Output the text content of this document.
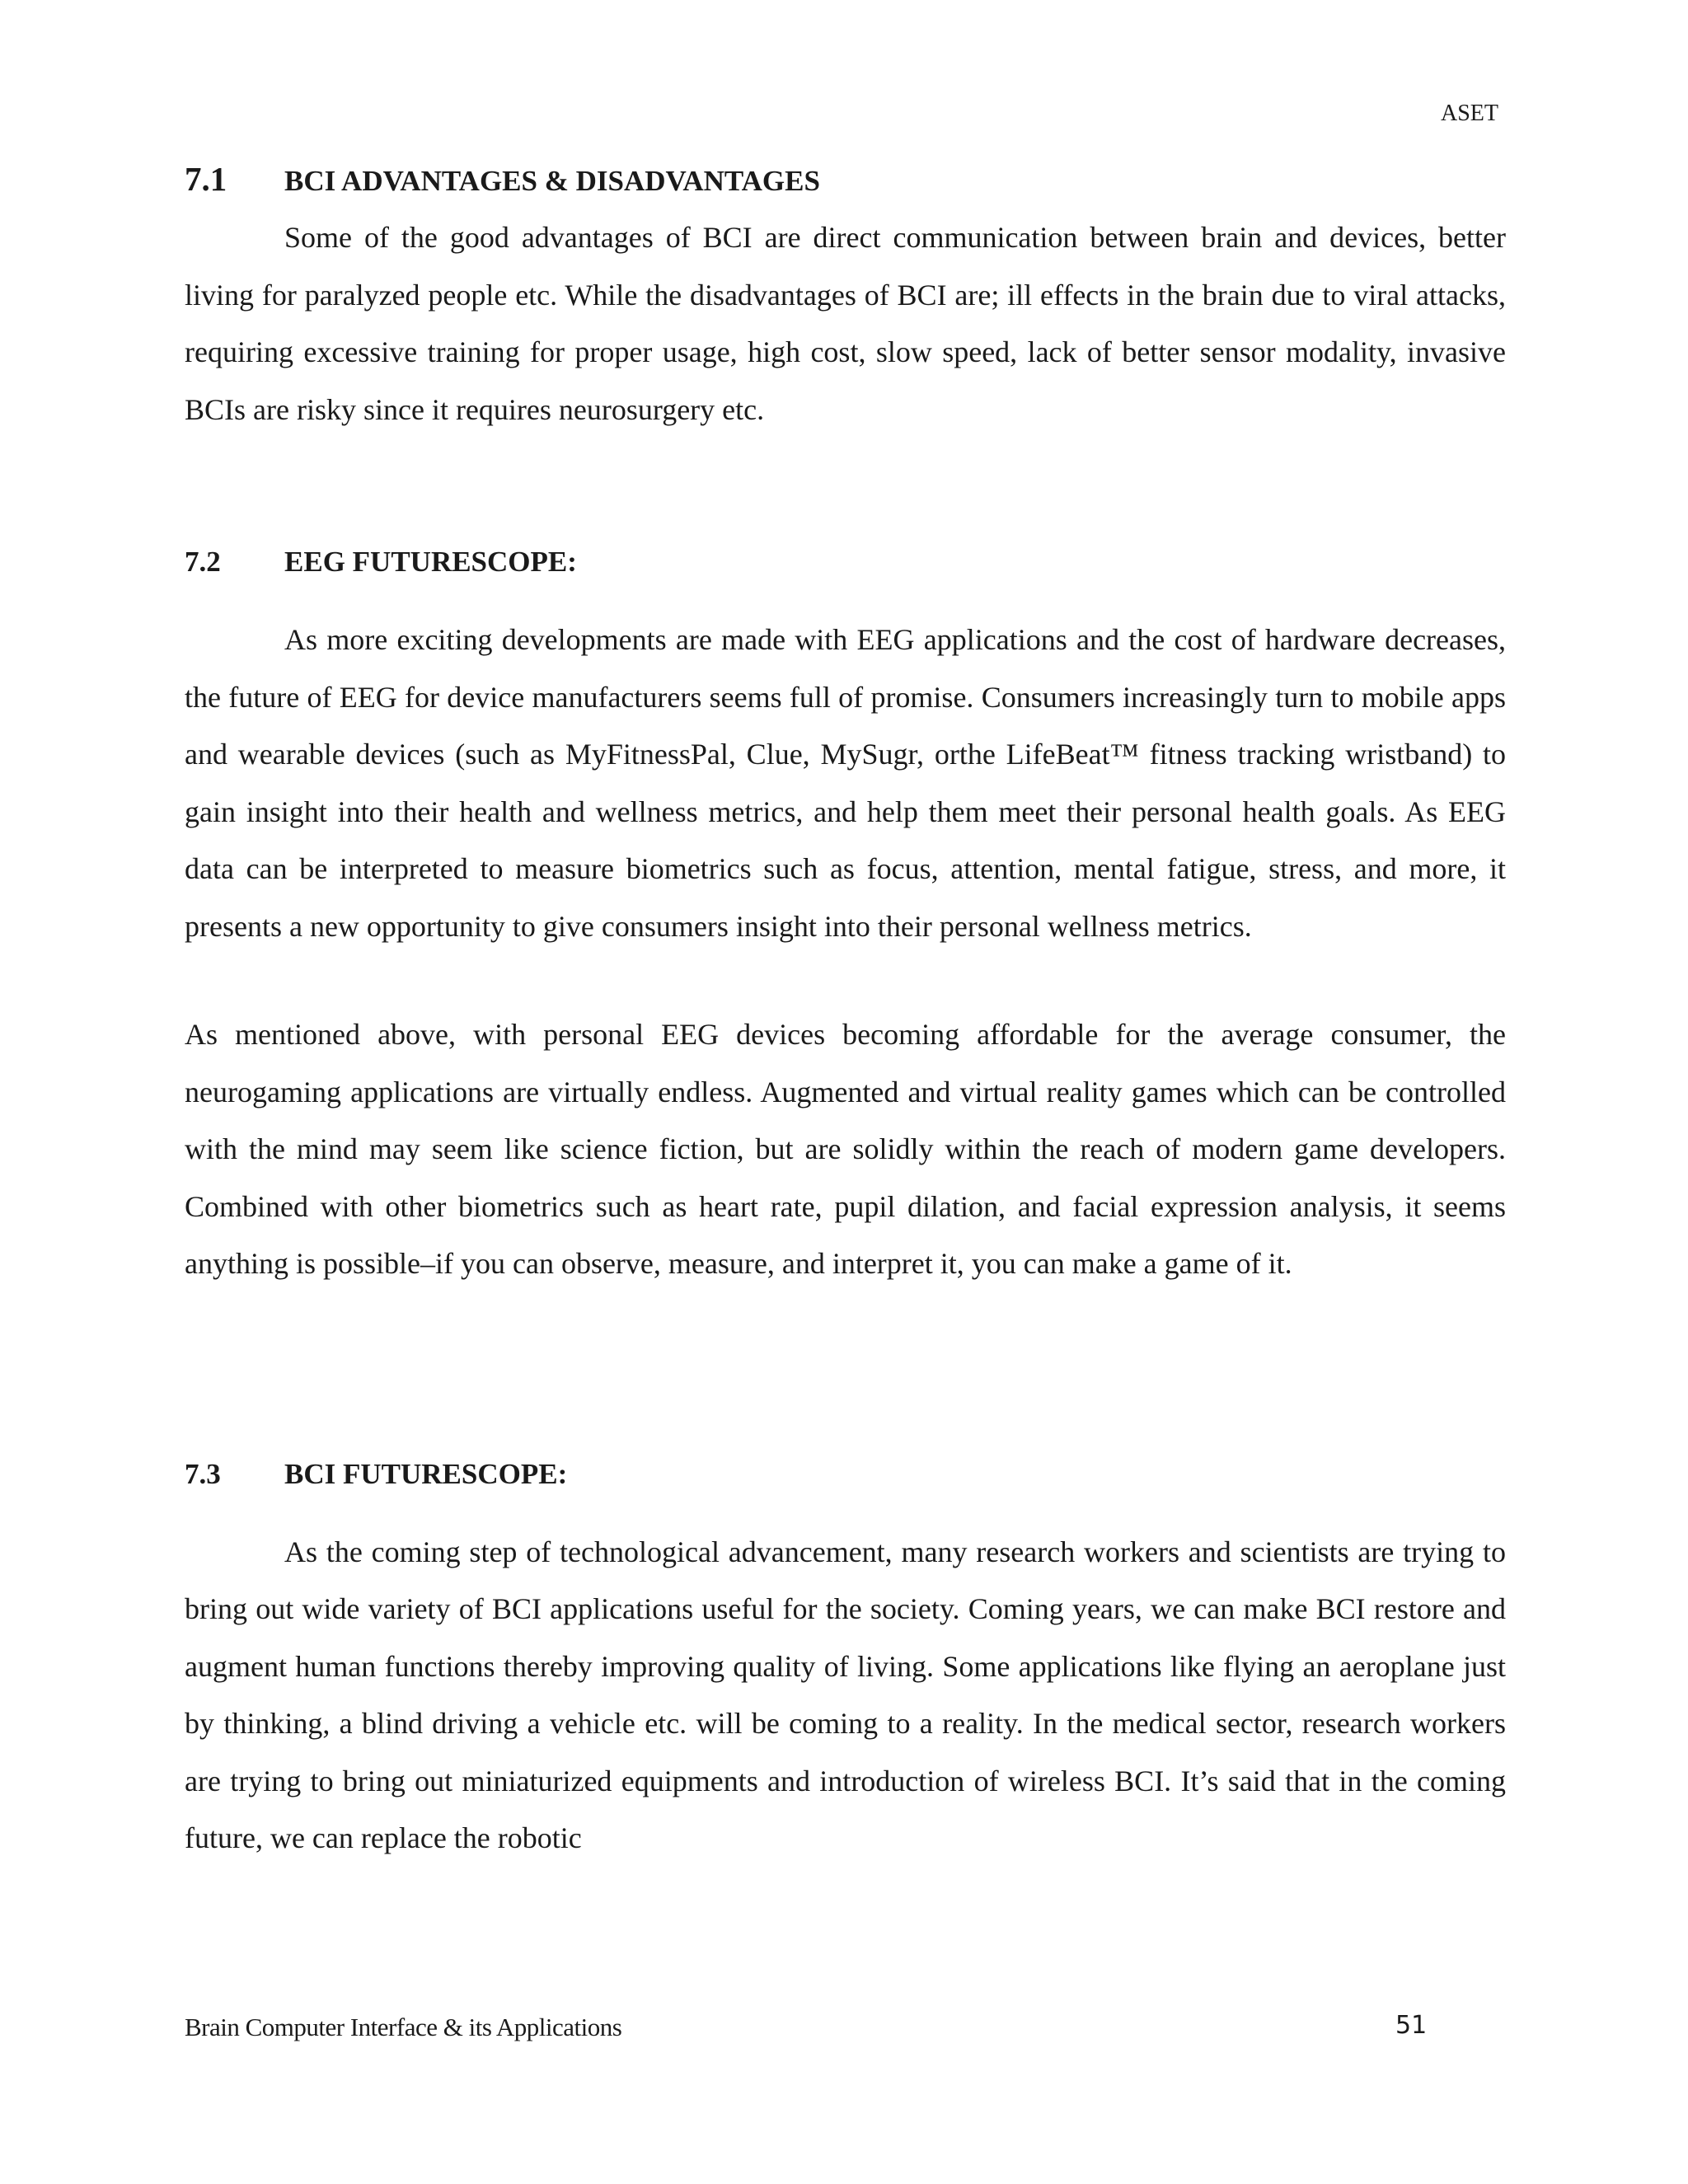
ASET
7.1	BCI ADVANTAGES & DISADVANTAGES

Some of the good advantages of BCI are direct communication between brain and devices, better living for paralyzed people etc. While the disadvantages of BCI are; ill effects in the brain due to viral attacks, requiring excessive training for proper usage, high cost, slow speed, lack of better sensor modality, invasive BCIs are risky since it requires neurosurgery etc.

7.2	EEG FUTURESCOPE:

As more exciting developments are made with EEG applications and the cost of hardware decreases, the future of EEG for device manufacturers seems full of promise. Consumers increasingly turn to mobile apps and wearable devices (such as MyFitnessPal, Clue, MySugr, orthe LifeBeat™ fitness tracking wristband) to gain insight into their health and wellness metrics, and help them meet their personal health goals. As EEG data can be interpreted to measure biometrics such as focus, attention, mental fatigue, stress, and more, it presents a new opportunity to give consumers insight into their personal wellness metrics.

As mentioned above, with personal EEG devices becoming affordable for the average consumer, the neurogaming applications are virtually endless. Augmented and virtual reality games which can be controlled with the mind may seem like science fiction, but are solidly within the reach of modern game developers. Combined with other biometrics such as heart rate, pupil dilation, and facial expression analysis, it seems anything is possible–if you can observe, measure, and interpret it, you can make a game of it.

7.3	BCI FUTURESCOPE:

As the coming step of technological advancement, many research workers and scientists are trying to bring out wide variety of BCI applications useful for the society. Coming years, we can make BCI restore and augment human functions thereby improving quality of living. Some applications like flying an aeroplane just by thinking, a blind driving a vehicle etc. will be coming to a reality. In the medical sector, research workers are trying to bring out miniaturized equipments and introduction of wireless BCI. It’s said that in the coming future, we can replace the robotic

Brain Computer Interface & its Applications	51
